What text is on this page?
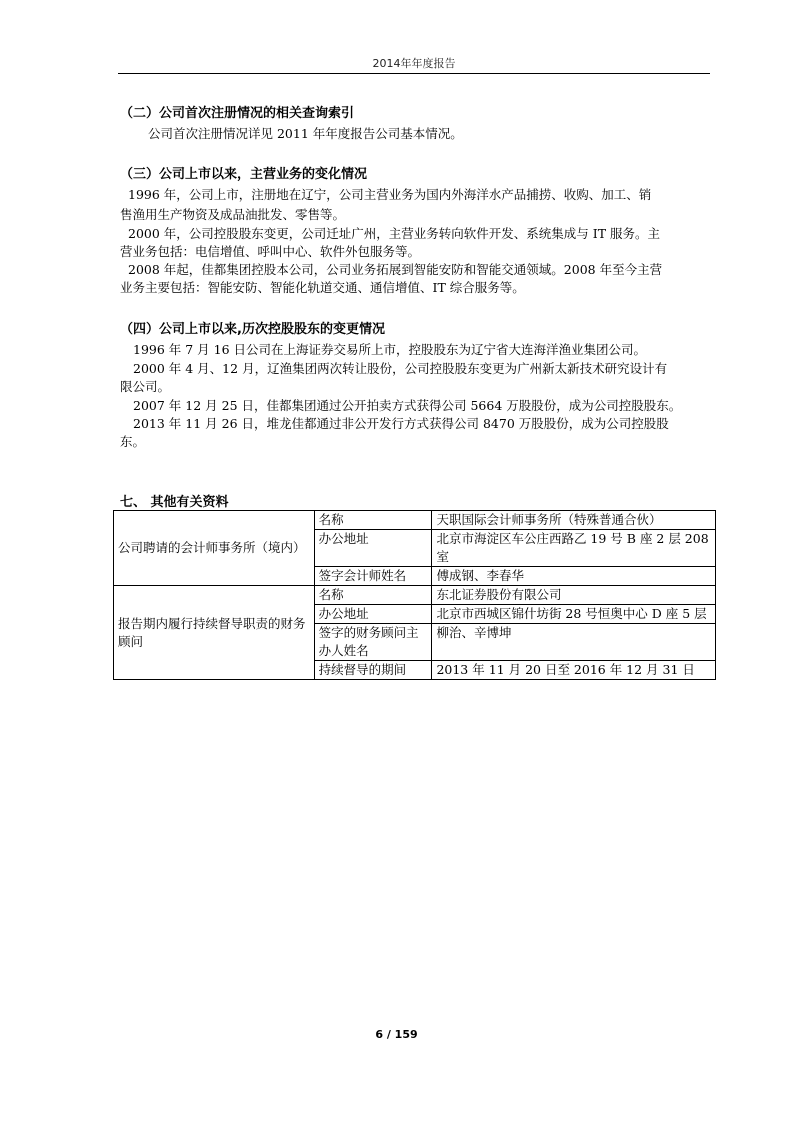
2014年年度报告
（二）公司首次注册情况的相关查询索引
公司首次注册情况详见 2011 年年度报告公司基本情况。
（三）公司上市以来，主营业务的变化情况
1996 年，公司上市，注册地在辽宁，公司主营业务为国内外海洋水产品捕捞、收购、加工、销
售渔用生产物资及成品油批发、零售等。
2000 年，公司控股股东变更，公司迁址广州，主营业务转向软件开发、系统集成与 IT 服务。主
营业务包括：电信增值、呼叫中心、软件外包服务等。
2008 年起，佳都集团控股本公司，公司业务拓展到智能安防和智能交通领域。2008 年至今主营
业务主要包括：智能安防、智能化轨道交通、通信增值、IT 综合服务等。
（四）公司上市以来,历次控股股东的变更情况
1996 年 7 月 16 日公司在上海证券交易所上市，控股股东为辽宁省大连海洋渔业集团公司。
2000 年 4 月、12 月，辽渔集团两次转让股份，公司控股股东变更为广州新太新技术研究设计有
限公司。
2007 年 12 月 25 日，佳都集团通过公开拍卖方式获得公司 5664 万股股份，成为公司控股股东。
2013 年 11 月 26 日，堆龙佳都通过非公开发行方式获得公司 8470 万股股份，成为公司控股股
东。
七、 其他有关资料
公司聘请的会计师事务所（境内）	名称	天职国际会计师事务所（特殊普通合伙）
	办公地址	北京市海淀区车公庄西路乙 19 号 B 座 2 层 208 室
	签字会计师姓名	傅成钢、李春华
报告期内履行持续督导职责的财务顾问	名称	东北证券股份有限公司
	办公地址	北京市西城区锦什坊街 28 号恒奥中心 D 座 5 层
	签字的财务顾问主办人姓名	柳治、辛博坤
	持续督导的期间	2013 年 11 月 20 日至 2016 年 12 月 31 日
6 / 159
